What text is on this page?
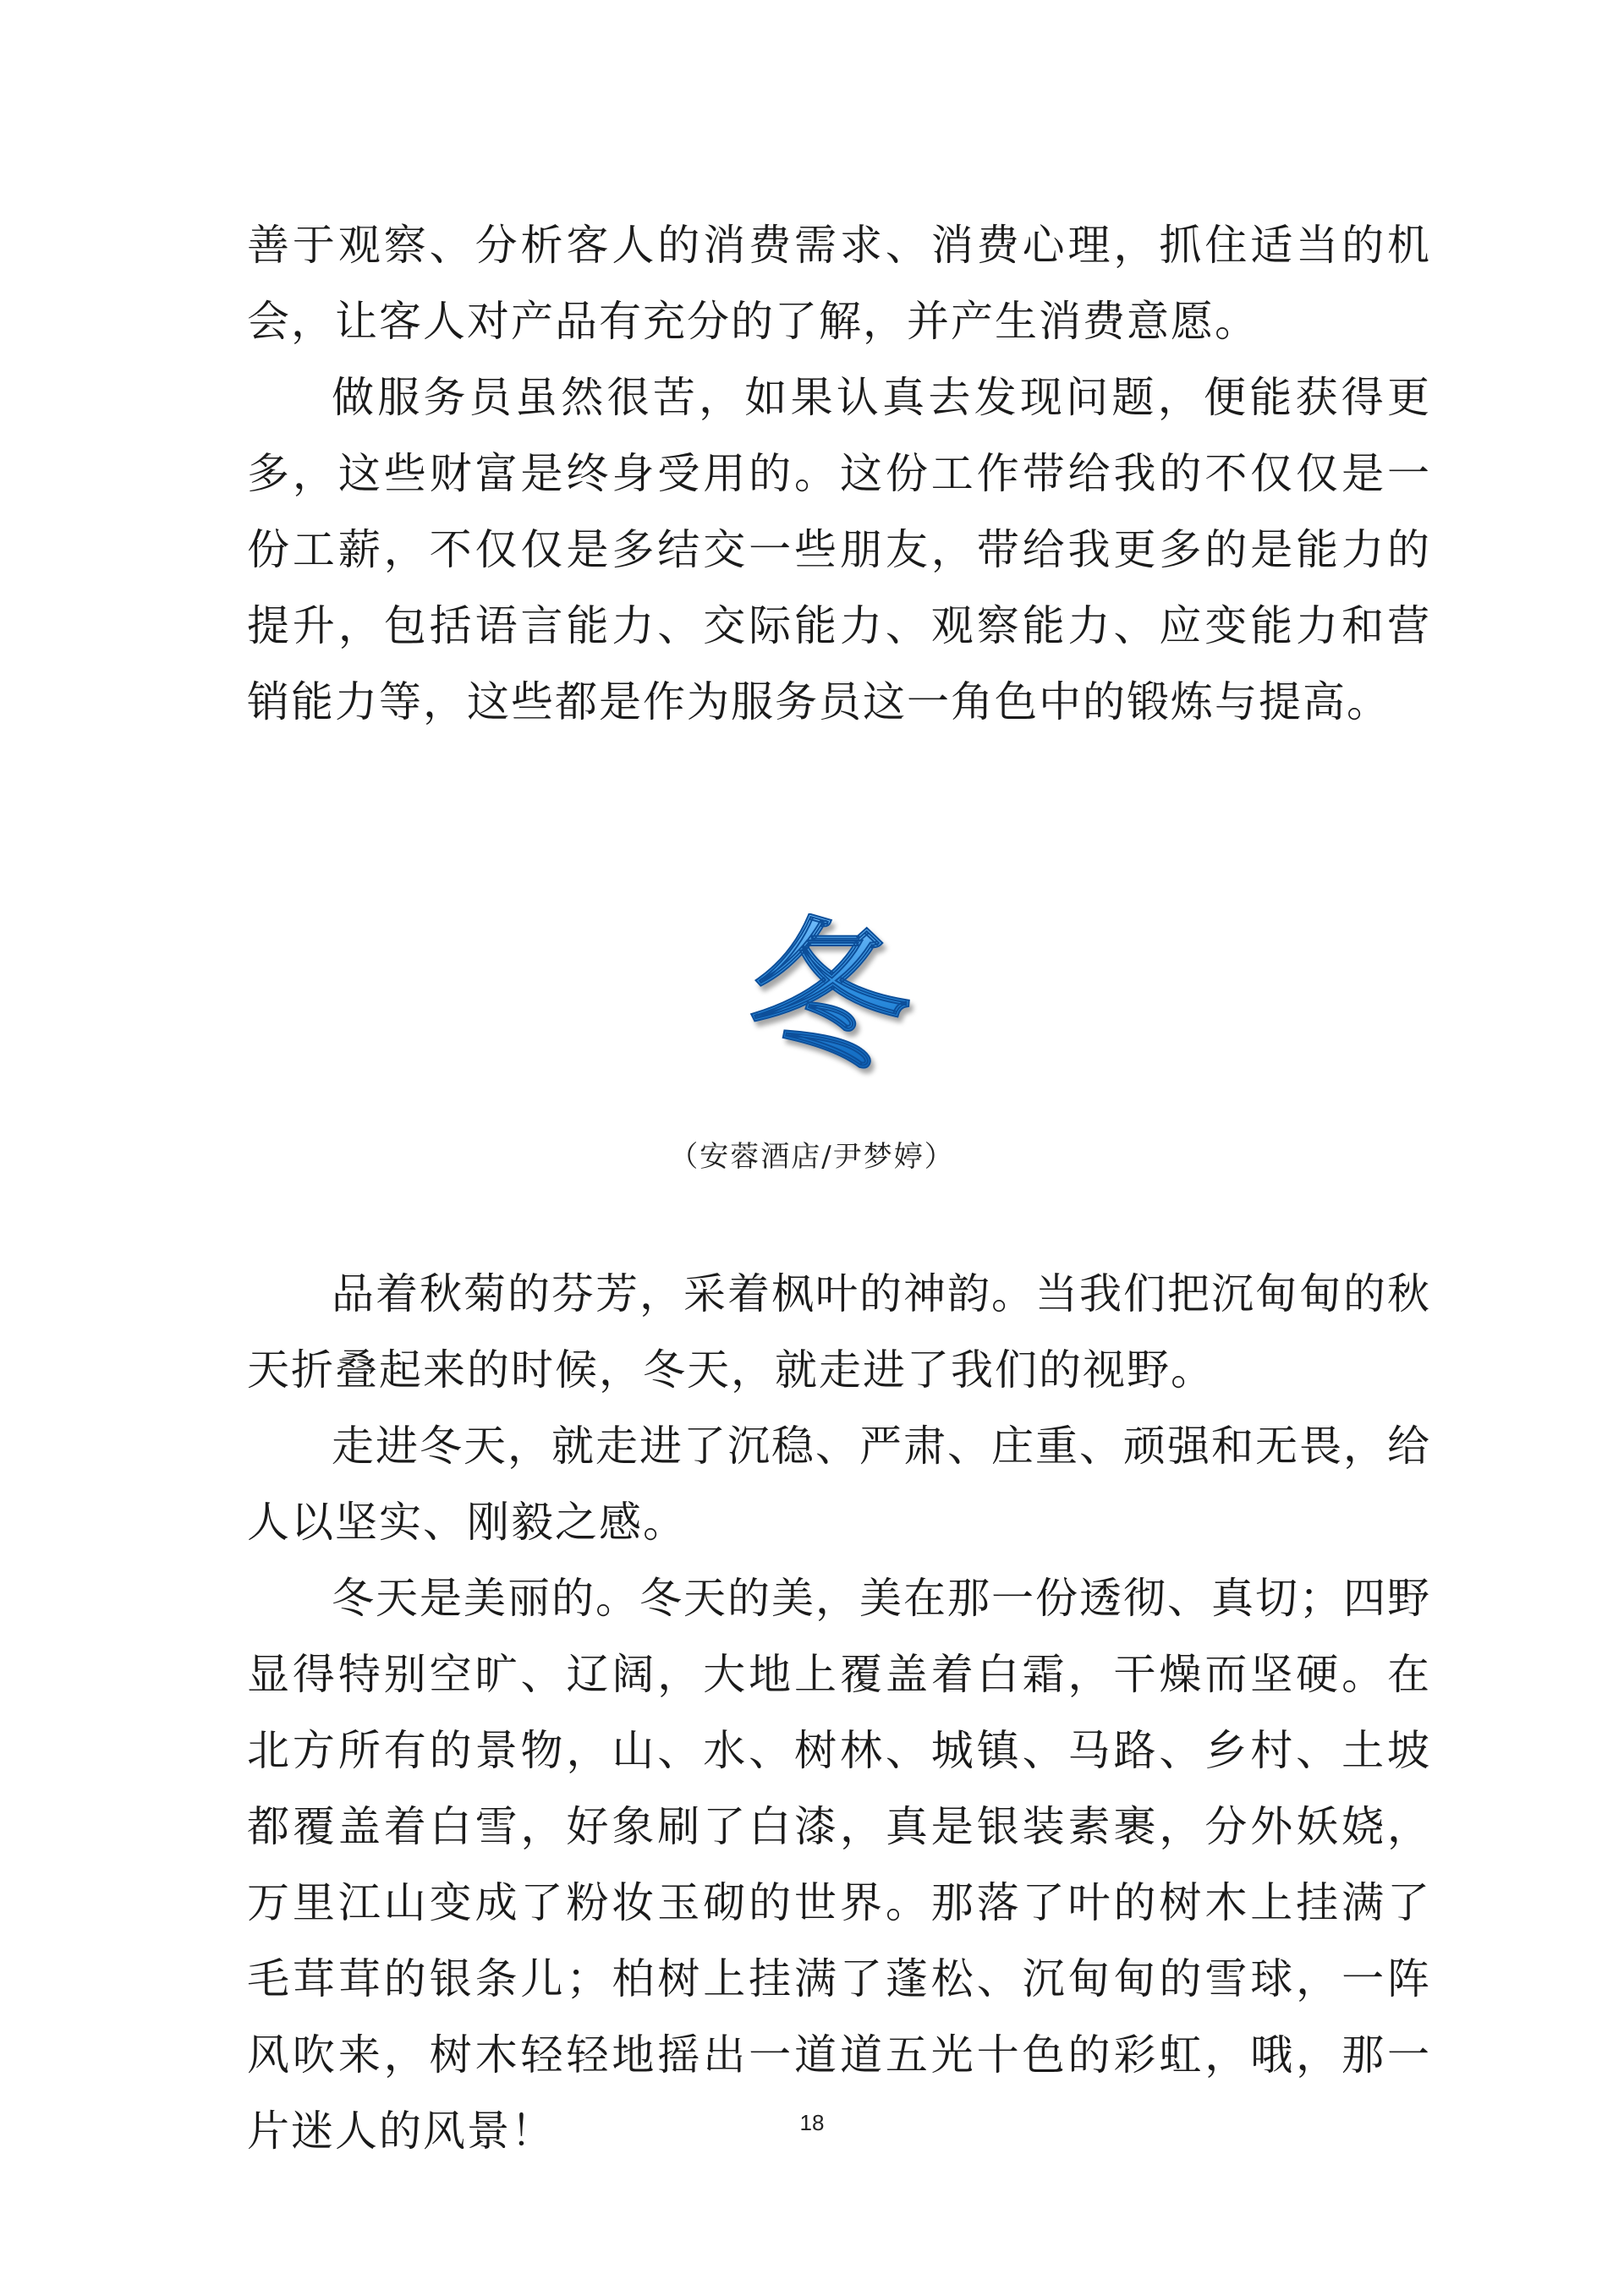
善于观察、分析客人的消费需求、消费心理，抓住适当的机会，让客人对产品有充分的了解，并产生消费意愿。

做服务员虽然很苦，如果认真去发现问题，便能获得更多，这些财富是终身受用的。这份工作带给我的不仅仅是一份工薪，不仅仅是多结交一些朋友，带给我更多的是能力的提升，包括语言能力、交际能力、观察能力、应变能力和营销能力等，这些都是作为服务员这一角色中的锻炼与提高。

冬
（安蓉酒店/尹梦婷）

品着秋菊的芬芳，采着枫叶的神韵。当我们把沉甸甸的秋天折叠起来的时候，冬天，就走进了我们的视野。

走进冬天，就走进了沉稳、严肃、庄重、顽强和无畏，给人以坚实、刚毅之感。

冬天是美丽的。冬天的美，美在那一份透彻、真切；四野显得特别空旷、辽阔，大地上覆盖着白霜，干燥而坚硬。在北方所有的景物，山、水、树林、城镇、马路、乡村、土坡都覆盖着白雪，好象刷了白漆，真是银装素裹，分外妖娆，万里江山变成了粉妆玉砌的世界。那落了叶的树木上挂满了毛茸茸的银条儿；柏树上挂满了蓬松、沉甸甸的雪球，一阵风吹来，树木轻轻地摇出一道道五光十色的彩虹，哦，那一片迷人的风景！	18
